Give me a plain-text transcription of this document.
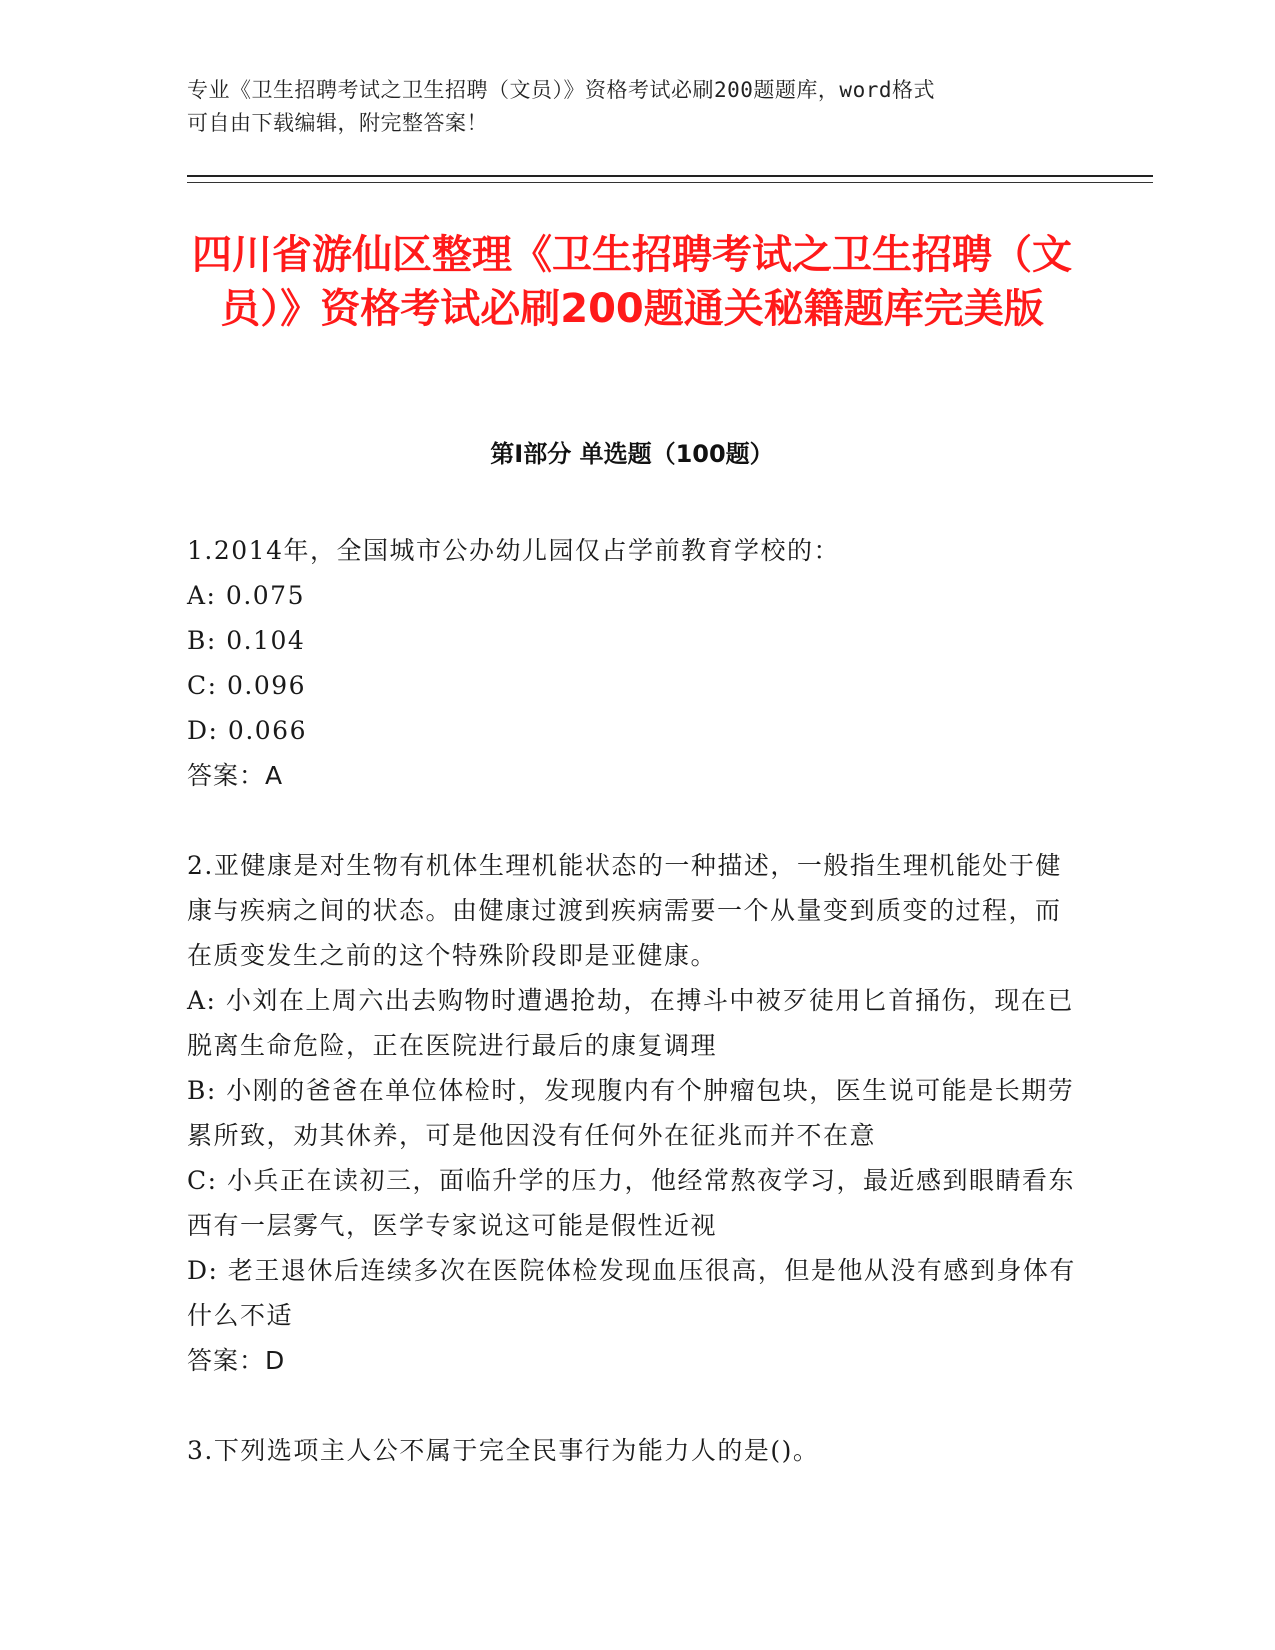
专业《卫生招聘考试之卫生招聘（文员）》资格考试必刷200题题库，word格式
可自由下载编辑，附完整答案！
四川省游仙区整理《卫生招聘考试之卫生招聘（文员）》资格考试必刷200题通关秘籍题库完美版
第Ⅰ部分 单选题（100题）

1.2014年，全国城市公办幼儿园仅占学前教育学校的：

A: 0.075

B: 0.104

C: 0.096

D: 0.066

答案：A

2.亚健康是对生物有机体生理机能状态的一种描述，一般指生理机能处于健康与疾病之间的状态。由健康过渡到疾病需要一个从量变到质变的过程，而在质变发生之前的这个特殊阶段即是亚健康。

A: 小刘在上周六出去购物时遭遇抢劫，在搏斗中被歹徒用匕首捅伤，现在已脱离生命危险，正在医院进行最后的康复调理

B: 小刚的爸爸在单位体检时，发现腹内有个肿瘤包块，医生说可能是长期劳累所致，劝其休养，可是他因没有任何外在征兆而并不在意

C: 小兵正在读初三，面临升学的压力，他经常熬夜学习，最近感到眼睛看东西有一层雾气，医学专家说这可能是假性近视

D: 老王退休后连续多次在医院体检发现血压很高，但是他从没有感到身体有什么不适

答案：D

3.下列选项主人公不属于完全民事行为能力人的是()。
